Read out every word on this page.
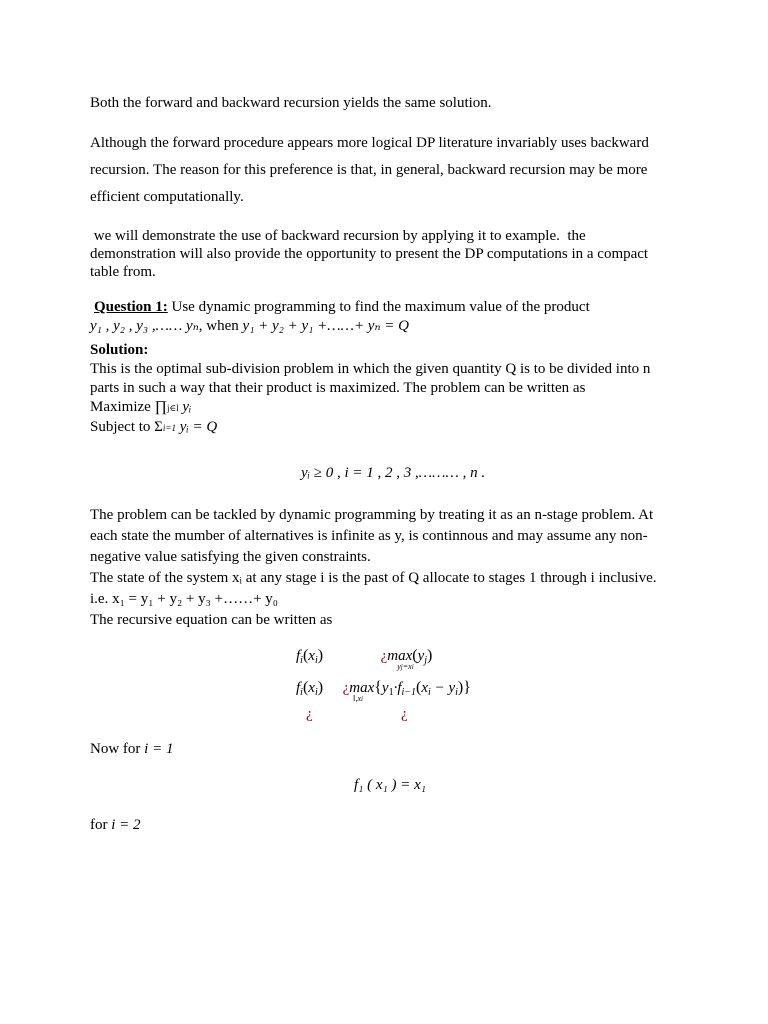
Both the forward and backward recursion yields the same solution.
Although the forward procedure appears more logical DP literature invariably uses backward
recursion. The reason for this preference is that, in general, backward recursion may be more
efficient computationally.
we will demonstrate the use of backward recursion by applying it to example.  the
demonstration will also provide the opportunity to present the DP computations in a compact
table from.
Question 1: Use dynamic programming to find the maximum value of the product
y₁ , y₂ , y₃ ,…… yₙ, when y₁ + y₂ + y₁ +……+ yₙ = Q
Solution:
This is the optimal sub-division problem in which the given quantity Q is to be divided into n
parts in such a way that their product is maximized. The problem can be written as
Maximize ∏j∈l yᵢ
Subject to Σi=1 yᵢ = Q
yᵢ ≥ 0 , i = 1 , 2 , 3 ,……… , n .
The problem can be tackled by dynamic programming by treating it as an n-stage problem. At
each state the mumber of alternatives is infinite as y, is continnous and may assume any non-
negative value satisfying the given constraints.
The state of the system xᵢ at any stage i is the past of Q allocate to stages 1 through i inclusive.
i.e. x₁ = y₁ + y₂ + y₃ +……+ y₀
The recursive equation can be written as
$f_i(x_i)$	¿max
yj=xi
$(y_j)$
$f_i(x_i)$ ¿max
‖,xi
$\{y_1\cdot f_{i-1}(x_i - y_i)\}$
¿	¿
Now for i = 1
f₁ ( x₁ ) = x₁
for i = 2
